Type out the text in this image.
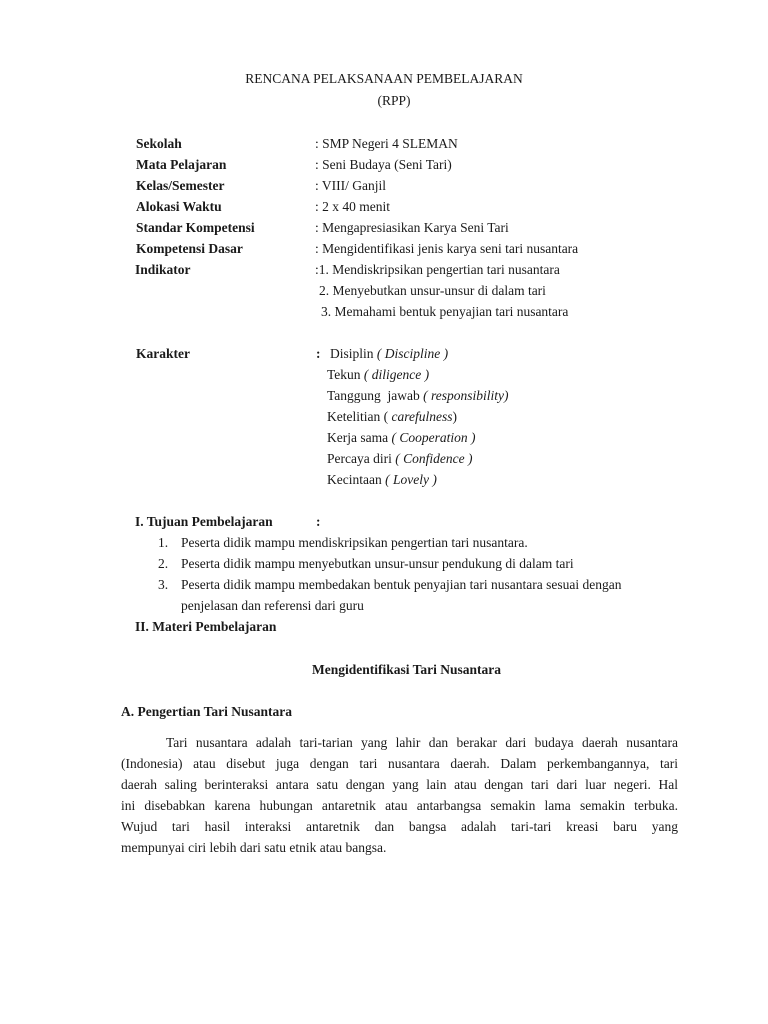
RENCANA PELAKSANAAN PEMBELAJARAN
(RPP)
Sekolah	: SMP Negeri 4 SLEMAN
Mata Pelajaran	: Seni Budaya (Seni Tari)
Kelas/Semester	: VIII/ Ganjil
Alokasi Waktu	: 2 x 40 menit
Standar Kompetensi	: Mengapresiasikan Karya Seni Tari
Kompetensi Dasar	: Mengidentifikasi jenis karya seni tari nusantara
Indikator	:1. Mendiskripsikan pengertian tari nusantara
2. Menyebutkan unsur-unsur di dalam tari
3. Memahami bentuk penyajian tari nusantara
Karakter	: Disiplin ( Discipline )
Tekun ( diligence )
Tanggung  jawab ( responsibility)
Ketelitian ( carefulness)
Kerja sama ( Cooperation )
Percaya diri ( Confidence )
Kecintaan ( Lovely )
I. Tujuan Pembelajaran	:
1. Peserta didik mampu mendiskripsikan pengertian tari nusantara.
2. Peserta didik mampu menyebutkan unsur-unsur pendukung di dalam tari
3. Peserta didik mampu membedakan bentuk penyajian tari nusantara sesuai dengan
penjelasan dan referensi dari guru
II. Materi Pembelajaran
Mengidentifikasi Tari Nusantara
A. Pengertian Tari Nusantara
Tari nusantara adalah tari-tarian yang lahir dan berakar dari budaya daerah nusantara
(Indonesia) atau disebut juga dengan tari nusantara daerah. Dalam perkembangannya, tari
daerah saling berinteraksi antara satu dengan yang lain atau dengan tari dari luar negeri. Hal
ini disebabkan karena hubungan antaretnik atau antarbangsa semakin lama semakin terbuka.
Wujud tari hasil interaksi antaretnik dan bangsa adalah tari-tari kreasi baru yang
mempunyai ciri lebih dari satu etnik atau bangsa.
